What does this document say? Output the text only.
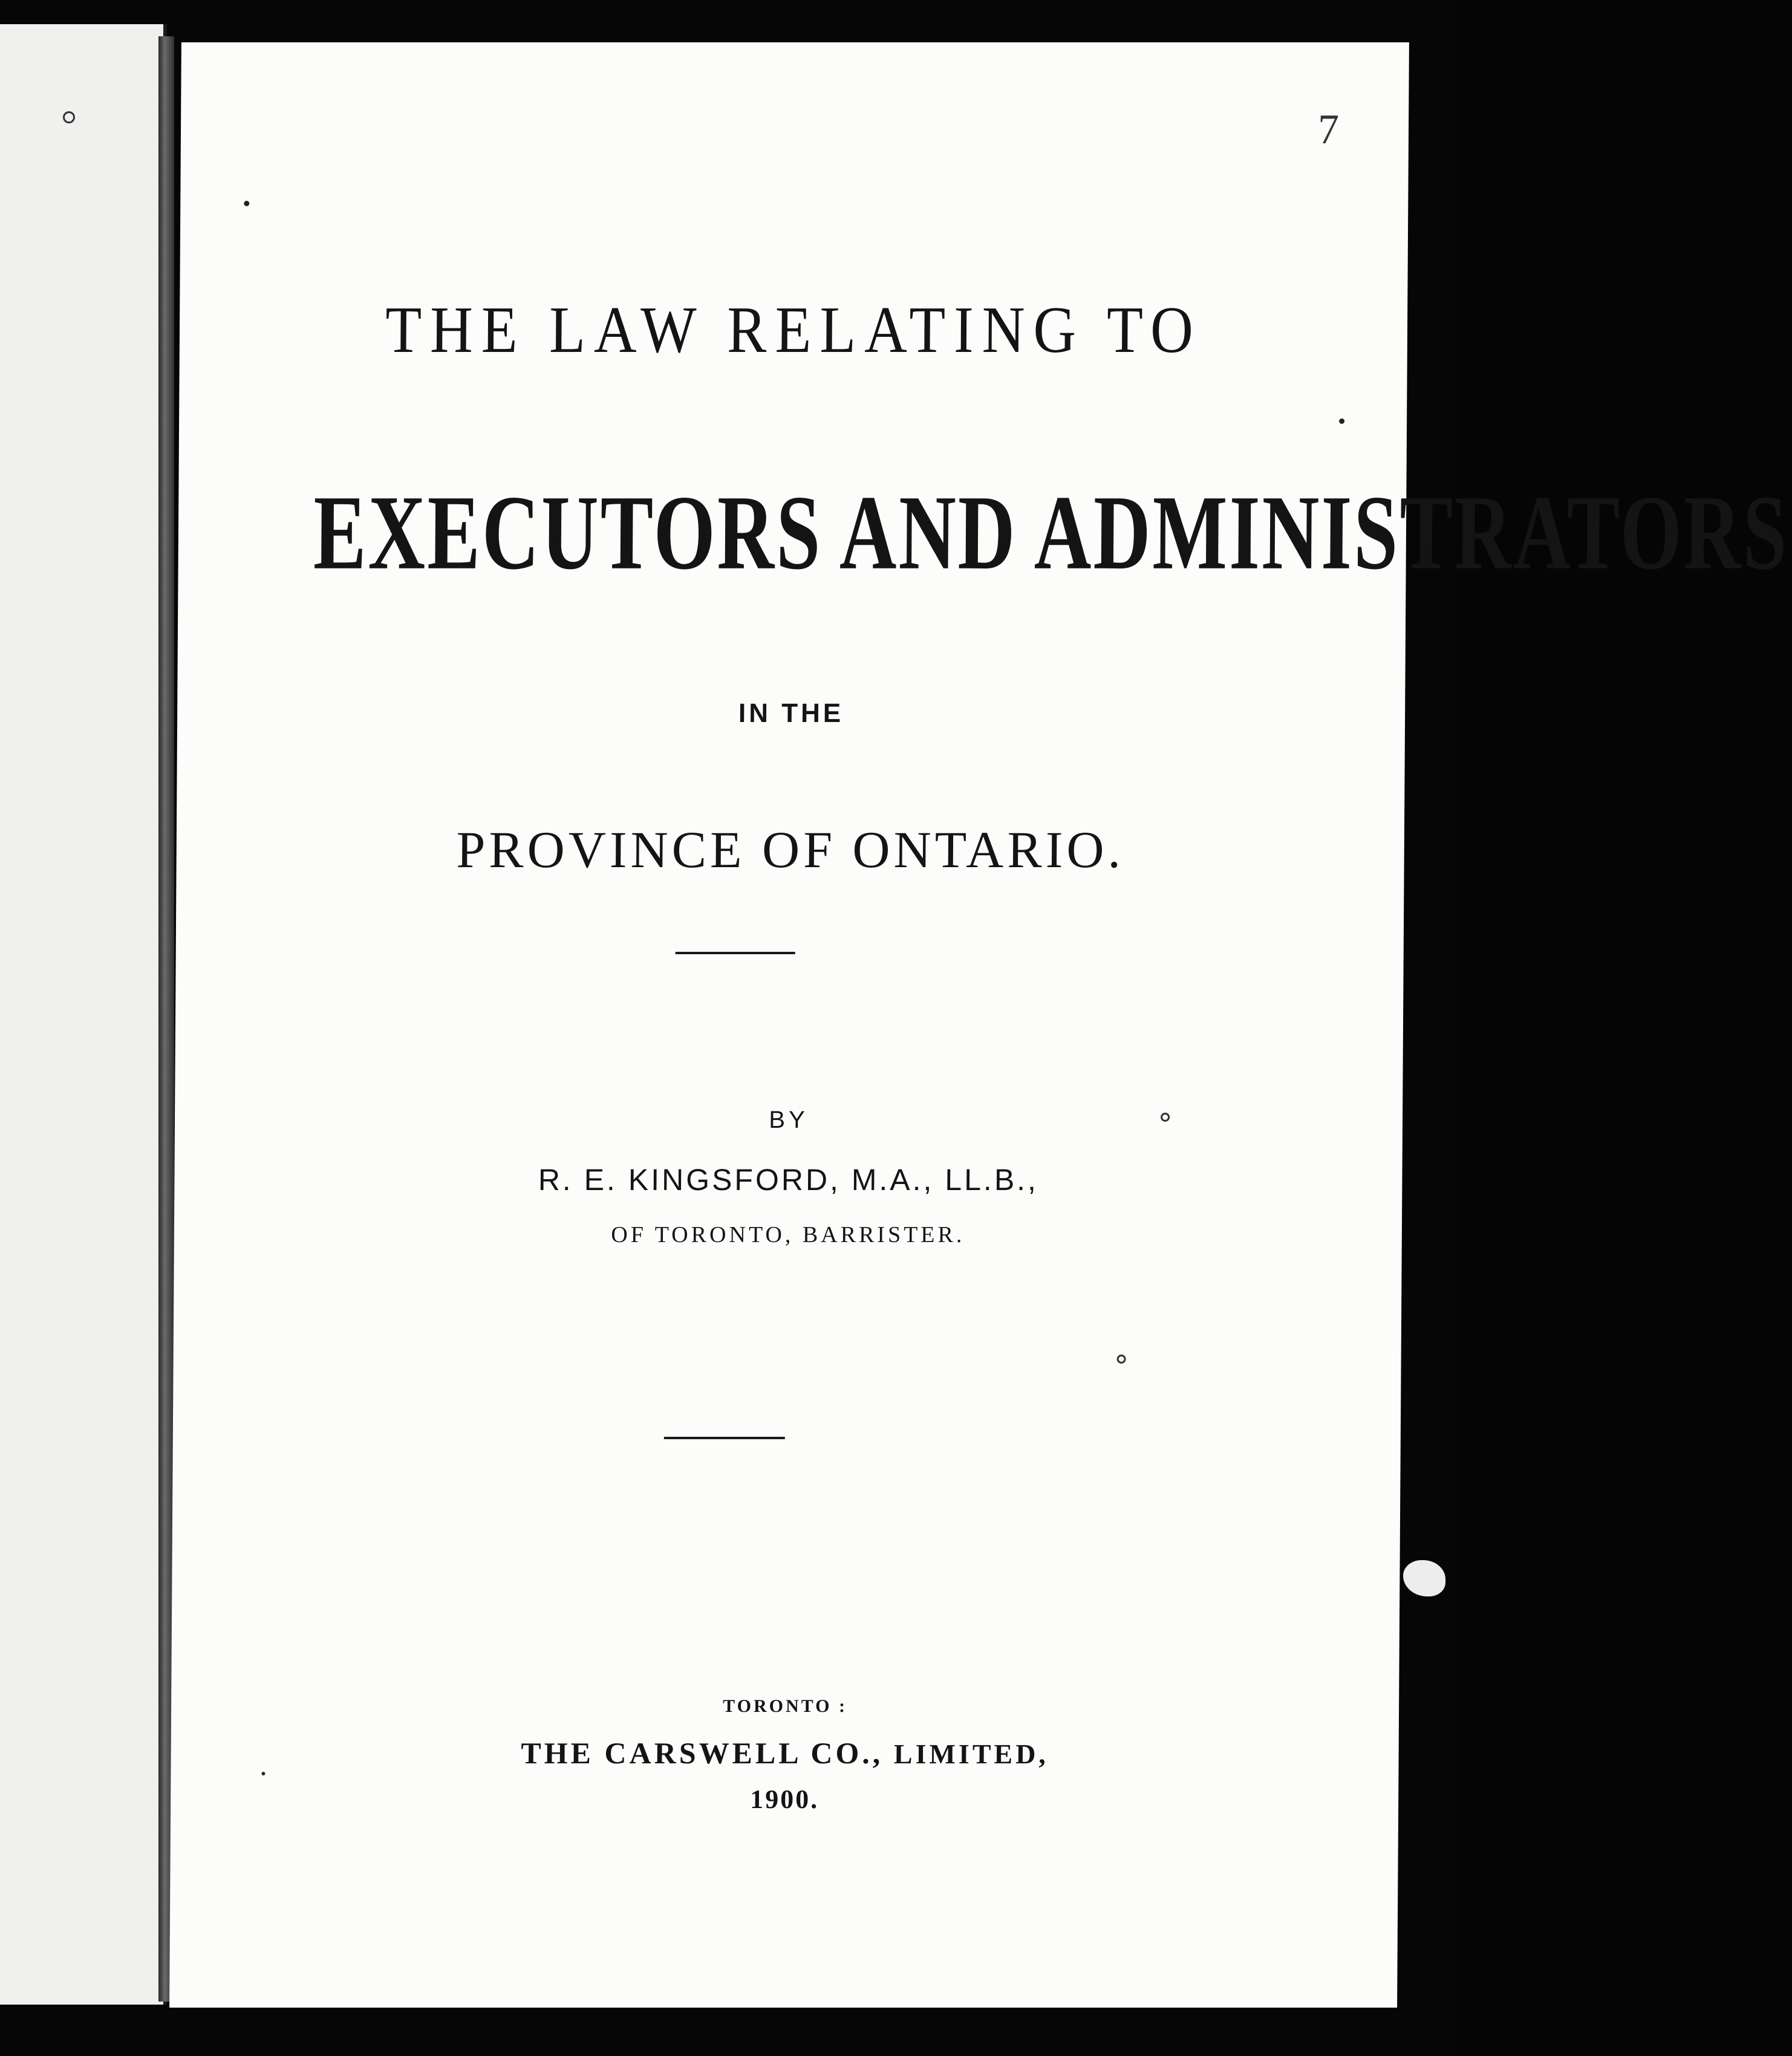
THE LAW RELATING TO
EXECUTORS AND ADMINISTRATORS
IN THE
PROVINCE OF ONTARIO.
BY
R. E. KINGSFORD, M.A., LL.B.,
OF TORONTO, BARRISTER.
TORONTO :
THE CARSWELL CO., LIMITED,
1900.
7
